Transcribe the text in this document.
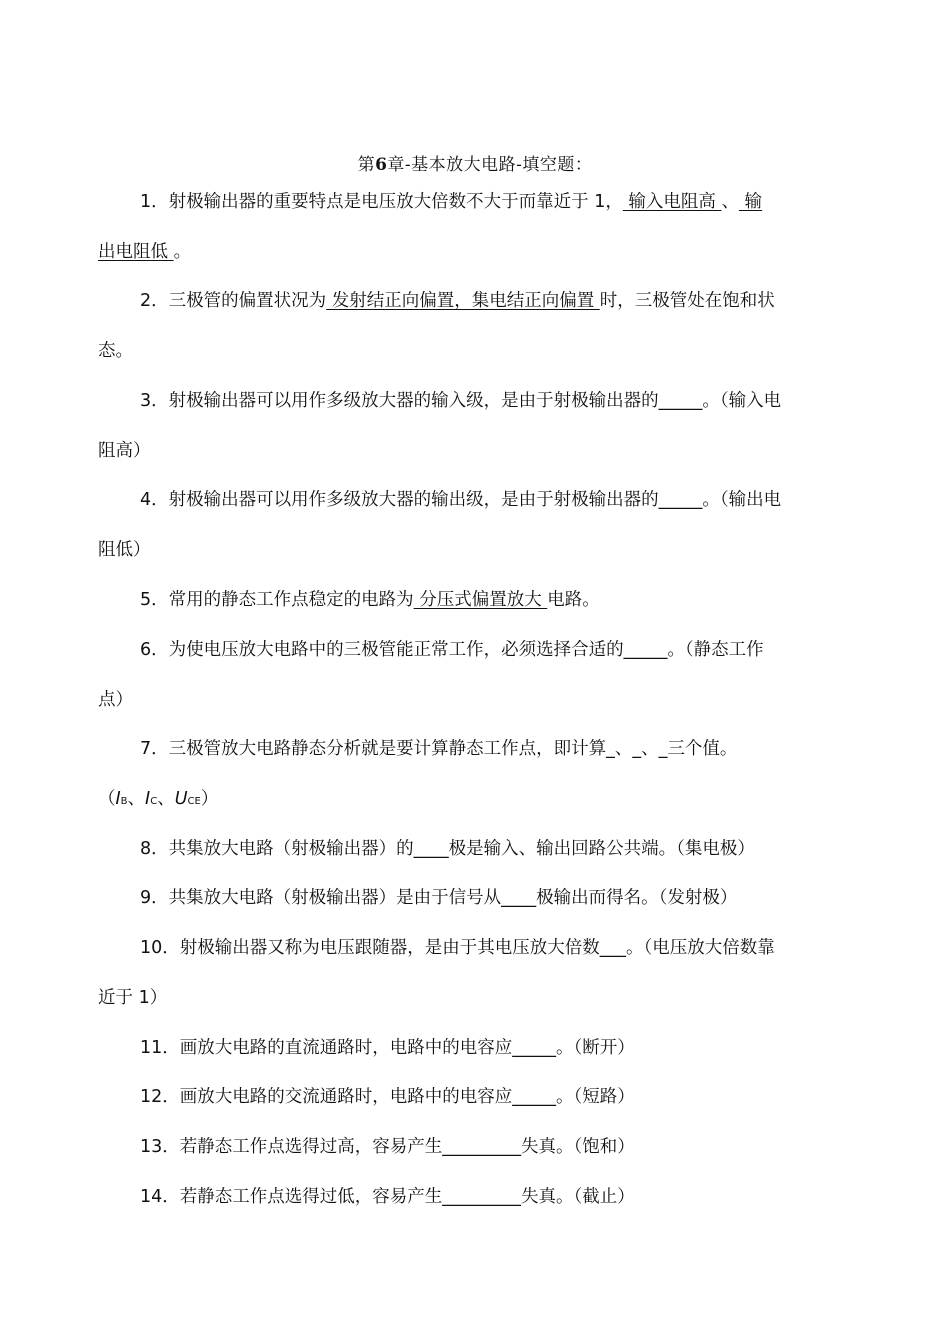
第6章-基本放大电路-填空题：
1．射极输出器的重要特点是电压放大倍数不大于而靠近于 1， 输入电阻高 、 输
出电阻低 。
2．三极管的偏置状况为 发射结正向偏置，集电结正向偏置 时，三极管处在饱和状
态。
3．射极输出器可以用作多级放大器的输入级，是由于射极输出器的_____。（输入电
阻高）
4．射极输出器可以用作多级放大器的输出级，是由于射极输出器的_____。（输出电
阻低）
5．常用的静态工作点稳定的电路为 分压式偏置放大 电路。
6．为使电压放大电路中的三极管能正常工作，必须选择合适的_____。（静态工作
点）
7．三极管放大电路静态分析就是要计算静态工作点，即计算_、_、_三个值。
（IB、IC、UCE）
8．共集放大电路（射极输出器）的____极是输入、输出回路公共端。（集电极）
9．共集放大电路（射极输出器）是由于信号从____极输出而得名。（发射极）
10．射极输出器又称为电压跟随器，是由于其电压放大倍数___。（电压放大倍数靠
近于 1）
11．画放大电路的直流通路时，电路中的电容应_____。（断开）
12．画放大电路的交流通路时，电路中的电容应_____。（短路）
13．若静态工作点选得过高，容易产生_________失真。（饱和）
14．若静态工作点选得过低，容易产生_________失真。（截止）
